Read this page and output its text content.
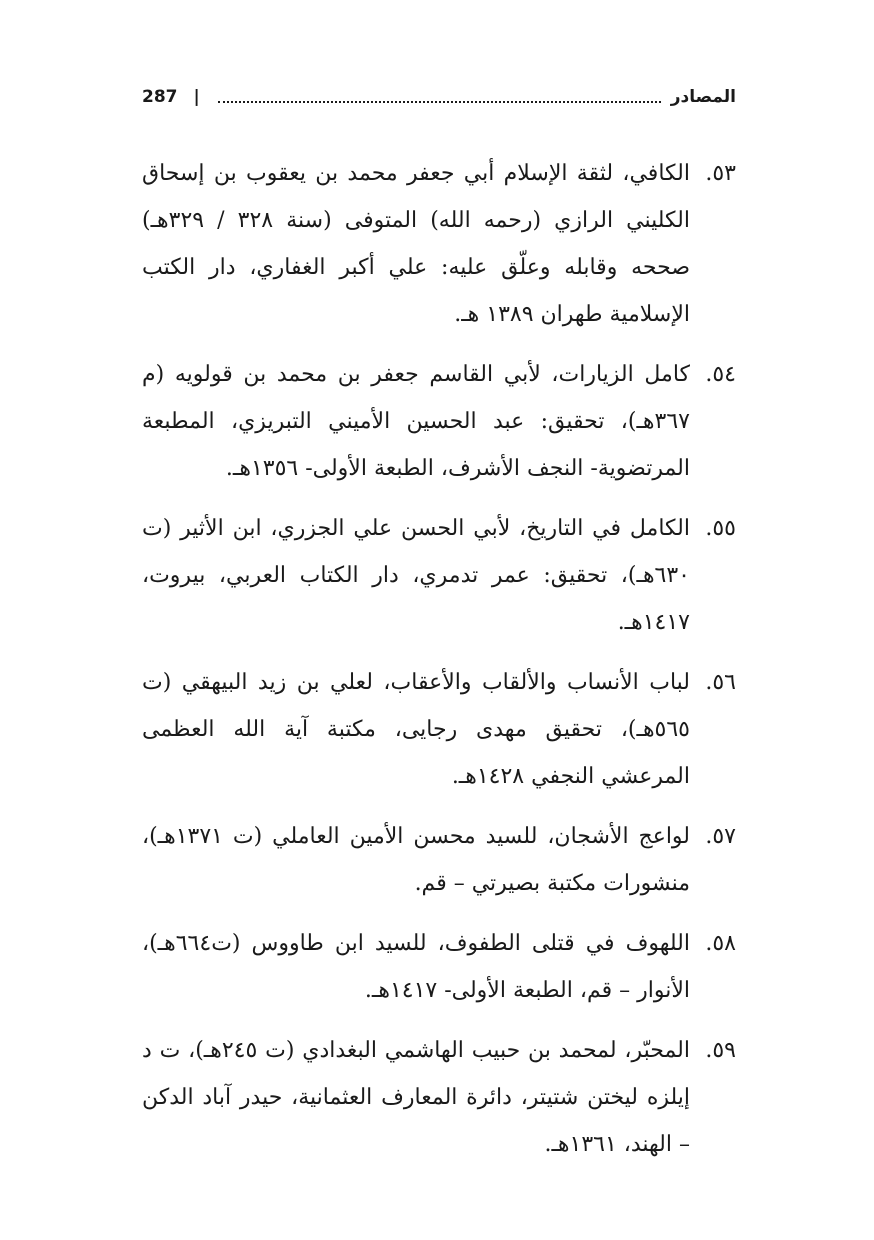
287 |	المصادر
٥٣.
الكافي، لثقة الإسلام أبي جعفر محمد بن يعقوب بن إسحاق الكليني الرازي (رحمه الله) المتوفى (سنة ٣٢٨ / ٣٢٩هـ) صححه وقابله وعلّق عليه: علي أكبر الغفاري، دار الكتب الإسلامية طهران ١٣٨٩ هـ.
٥٤.
كامل الزيارات، لأبي القاسم جعفر بن محمد بن قولويه (م ٣٦٧هـ)، تحقيق: عبد الحسين الأميني التبريزي، المطبعة المرتضوية- النجف الأشرف، الطبعة الأولى- ١٣٥٦هـ.
٥٥.
الكامل في التاريخ، لأبي الحسن علي الجزري، ابن الأثير (ت ٦٣٠هـ)، تحقيق: عمر تدمري، دار الكتاب العربي، بيروت، ١٤١٧هـ.
٥٦.
لباب الأنساب والألقاب والأعقاب، لعلي بن زيد البيهقي (ت ٥٦٥هـ)، تحقيق مهدى رجايى، مكتبة آية الله العظمى المرعشي النجفي ١٤٢٨هـ.
٥٧.
لواعج الأشجان، للسيد محسن الأمين العاملي (ت ١٣٧١هـ)، منشورات مكتبة بصيرتي – قم.
٥٨.
اللهوف في قتلى الطفوف، للسيد ابن طاووس (ت٦٦٤هـ)، الأنوار – قم، الطبعة الأولى- ١٤١٧هـ.
٥٩.
المحبّر، لمحمد بن حبيب الهاشمي البغدادي (ت ٢٤٥هـ)، ت د إيلزه ليختن شتيتر، دائرة المعارف العثمانية، حيدر آباد الدكن – الهند، ١٣٦١هـ.
